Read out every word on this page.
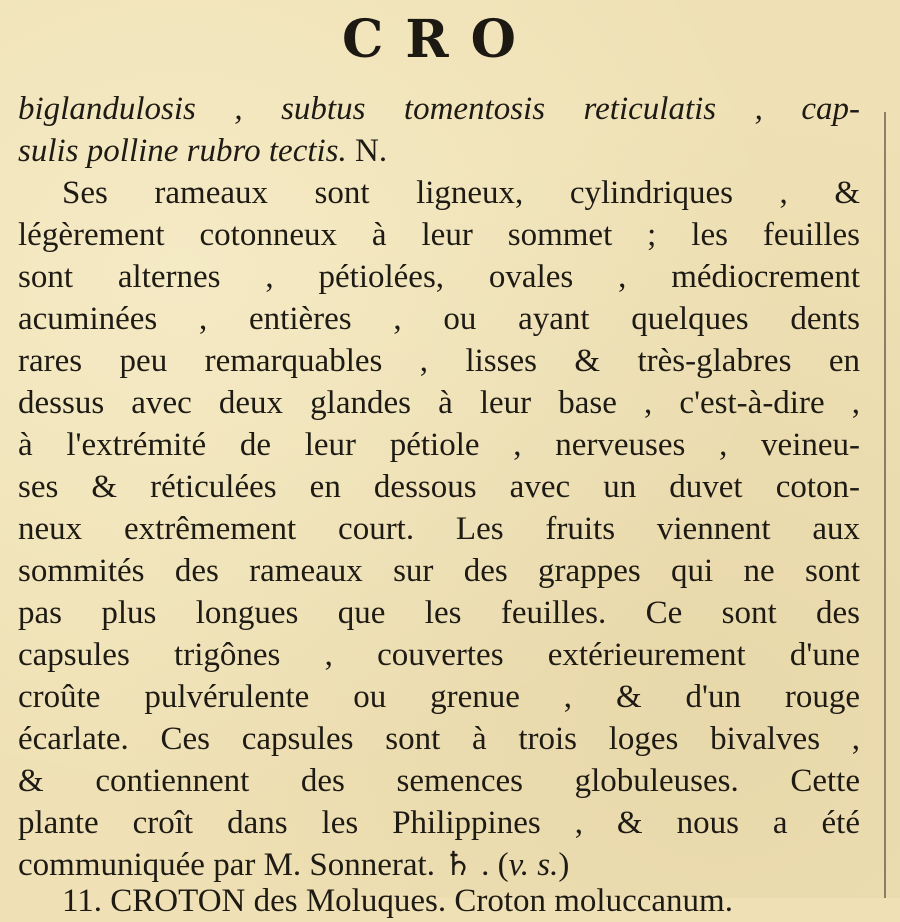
CRO
biglandulosis , subtus tomentosis reticulatis , cap-
sulis polline rubro tectis. N.
Ses rameaux sont ligneux, cylindriques , &
légèrement cotonneux à leur sommet ; les feuilles
sont alternes , pétiolées, ovales , médiocrement
acuminées , entières , ou ayant quelques dents
rares peu remarquables , lisses & très-glabres en
dessus avec deux glandes à leur base , c'est-à-dire ,
à l'extrémité de leur pétiole , nerveuses , veineu-
ses & réticulées en dessous avec un duvet coton-
neux extrêmement court. Les fruits viennent aux
sommités des rameaux sur des grappes qui ne sont
pas plus longues que les feuilles. Ce sont des
capsules trigônes , couvertes extérieurement d'une
croûte pulvérulente ou grenue , & d'un rouge
écarlate. Ces capsules sont à trois loges bivalves ,
& contiennent des semences globuleuses. Cette
plante croît dans les Philippines , & nous a été
communiquée par M. Sonnerat. ♄ . (v. s.)
11. CROTON des Moluques. Croton moluccanum.
